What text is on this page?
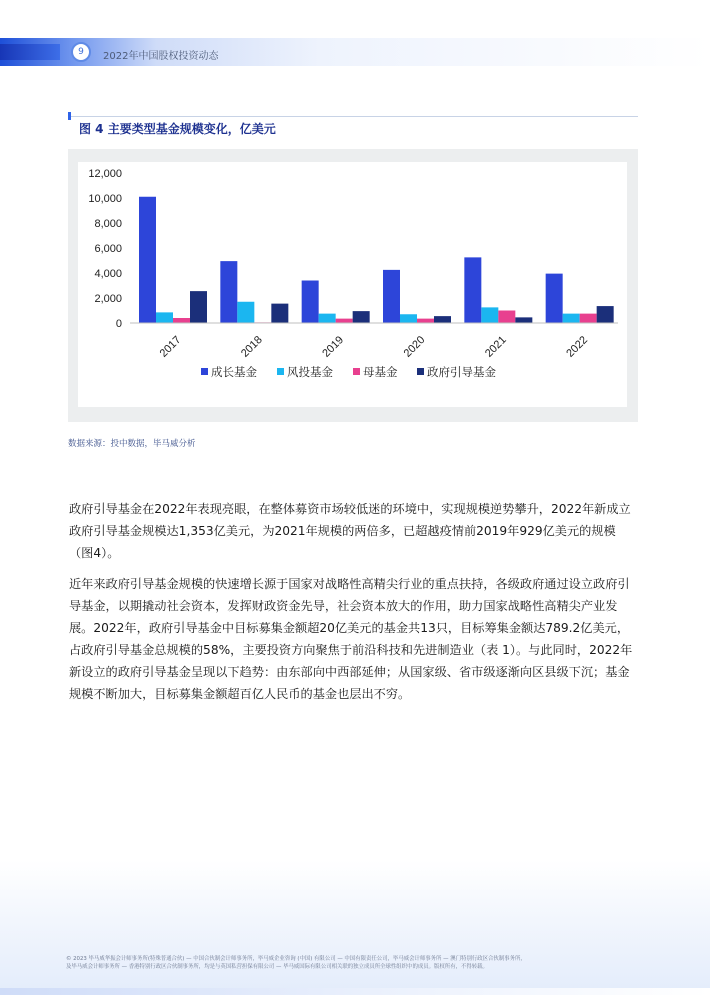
9	2022年中国股权投资动态
图 4 主要类型基金规模变化，亿美元
0
2,000
4,000
6,000
8,000
10,000
12,000
2017	2018	2019	2020	2021	2022
成长基金	风投基金	母基金	政府引导基金
数据来源：投中数据，毕马威分析
政府引导基金在2022年表现亮眼，在整体募资市场较低迷的环境中，实现规模逆势攀升，2022年新成立政府引导基金规模达1,353亿美元，为2021年规模的两倍多，已超越疫情前2019年929亿美元的规模（图4）。
近年来政府引导基金规模的快速增长源于国家对战略性高精尖行业的重点扶持，各级政府通过设立政府引导基金，以期撬动社会资本，发挥财政资金先导，社会资本放大的作用，助力国家战略性高精尖产业发展。2022年，政府引导基金中目标募集金额超20亿美元的基金共13只，目标筹集金额达789.2亿美元，占政府引导基金总规模的58%，主要投资方向聚焦于前沿科技和先进制造业（表 1）。与此同时，2022年新设立的政府引导基金呈现以下趋势：由东部向中西部延伸；从国家级、省市级逐渐向区县级下沉；基金规模不断加大，目标募集金额超百亿人民币的基金也层出不穷。
© 2023 毕马威华振会计师事务所(特殊普通合伙) — 中国合伙制会计师事务所，毕马威企业咨询 (中国) 有限公司 — 中国有限责任公司，毕马威会计师事务所 — 澳门特别行政区合伙制事务所，
及毕马威会计师事务所 — 香港特别行政区合伙制事务所，均是与英国私营担保有限公司 — 毕马威国际有限公司相关联的独立成员所全球性组织中的成员。版权所有，不得转载。
